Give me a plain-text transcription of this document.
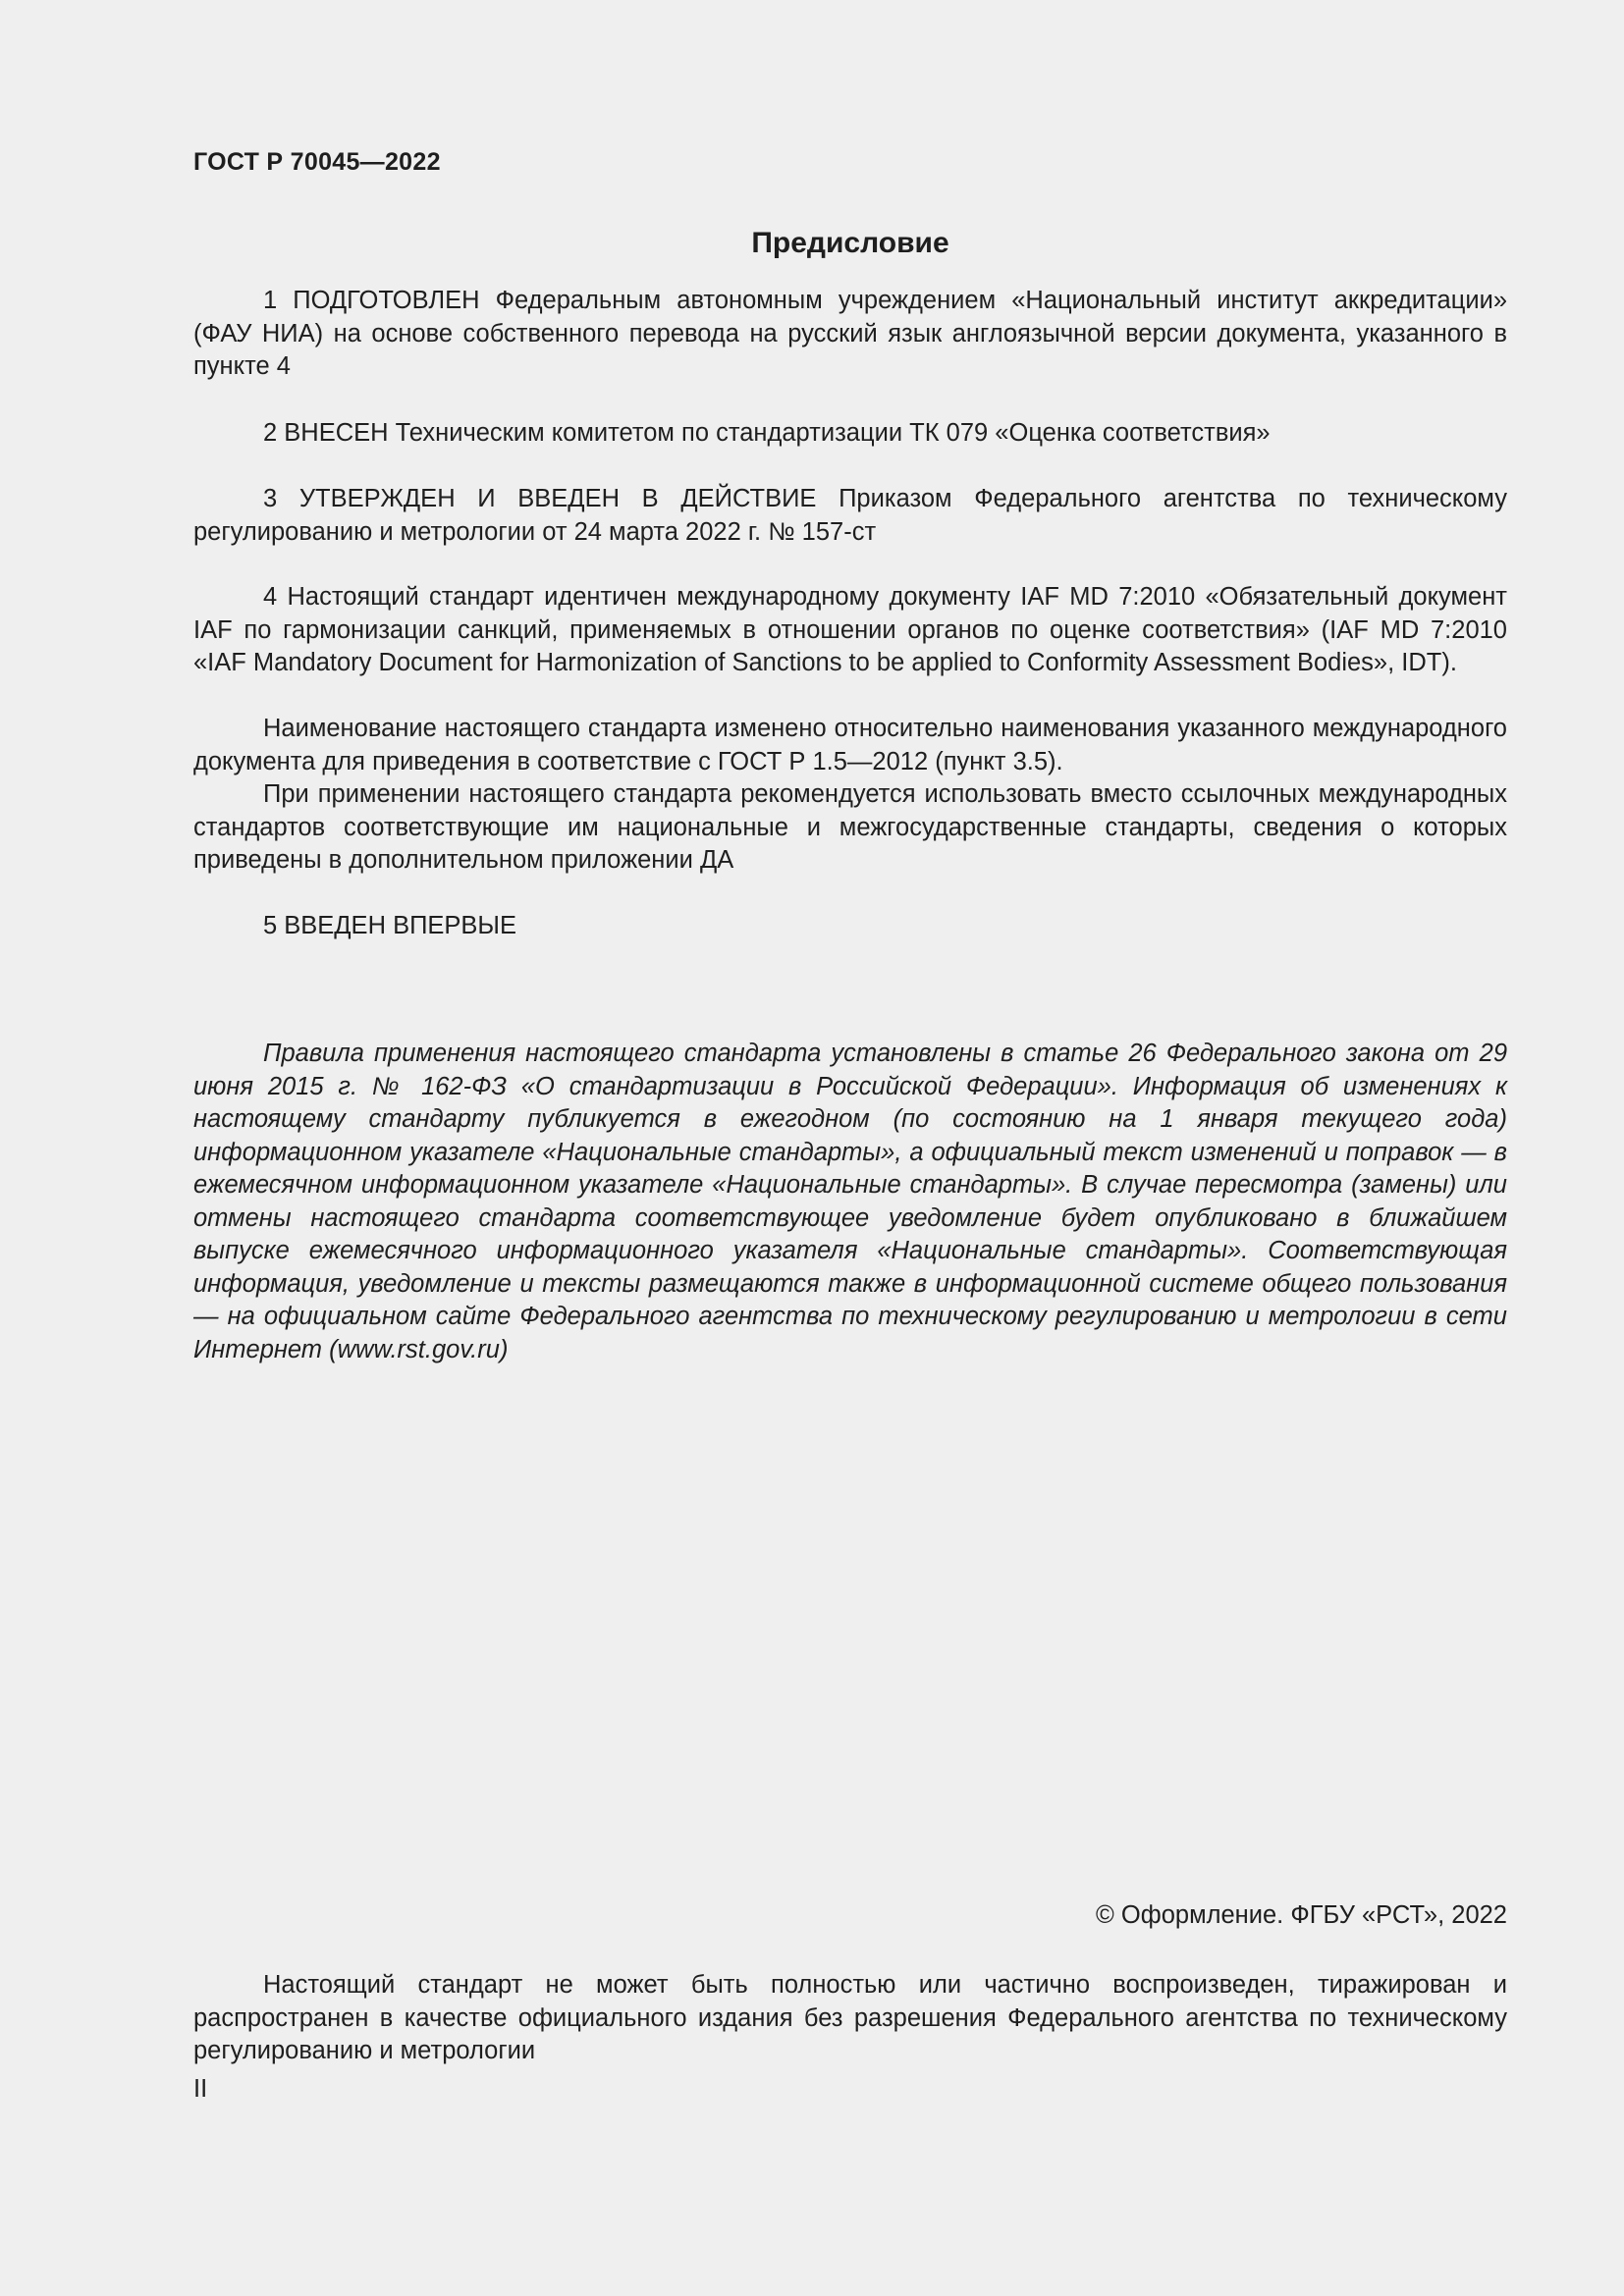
ГОСТ Р 70045—2022
Предисловие

1 ПОДГОТОВЛЕН Федеральным автономным учреждением «Национальный институт аккредитации» (ФАУ НИА) на основе собственного перевода на русский язык англоязычной версии документа, указанного в пункте 4

2 ВНЕСЕН Техническим комитетом по стандартизации ТК 079 «Оценка соответствия»

3 УТВЕРЖДЕН И ВВЕДЕН В ДЕЙСТВИЕ Приказом Федерального агентства по техническому регулированию и метрологии от 24 марта 2022 г. № 157-ст

4 Настоящий стандарт идентичен международному документу IAF MD 7:2010 «Обязательный документ IAF по гармонизации санкций, применяемых в отношении органов по оценке соответствия» (IAF MD 7:2010 «IAF Mandatory Document for Harmonization of Sanctions to be applied to Conformity Assessment Bodies», IDT).

Наименование настоящего стандарта изменено относительно наименования указанного международного документа для приведения в соответствие с ГОСТ Р 1.5—2012 (пункт 3.5).

При применении настоящего стандарта рекомендуется использовать вместо ссылочных международных стандартов соответствующие им национальные и межгосударственные стандарты, сведения о которых приведены в дополнительном приложении ДА

5 ВВЕДЕН ВПЕРВЫЕ

Правила применения настоящего стандарта установлены в статье 26 Федерального закона от 29 июня 2015 г. № 162-ФЗ «О стандартизации в Российской Федерации». Информация об изменениях к настоящему стандарту публикуется в ежегодном (по состоянию на 1 января текущего года) информационном указателе «Национальные стандарты», а официальный текст изменений и поправок — в ежемесячном информационном указателе «Национальные стандарты». В случае пересмотра (замены) или отмены настоящего стандарта соответствующее уведомление будет опубликовано в ближайшем выпуске ежемесячного информационного указателя «Национальные стандарты». Соответствующая информация, уведомление и тексты размещаются также в информационной системе общего пользования — на официальном сайте Федерального агентства по техническому регулированию и метрологии в сети Интернет (www.rst.gov.ru)

© Оформление. ФГБУ «РСТ», 2022

Настоящий стандарт не может быть полностью или частично воспроизведен, тиражирован и распространен в качестве официального издания без разрешения Федерального агентства по техническому регулированию и метрологии

II
